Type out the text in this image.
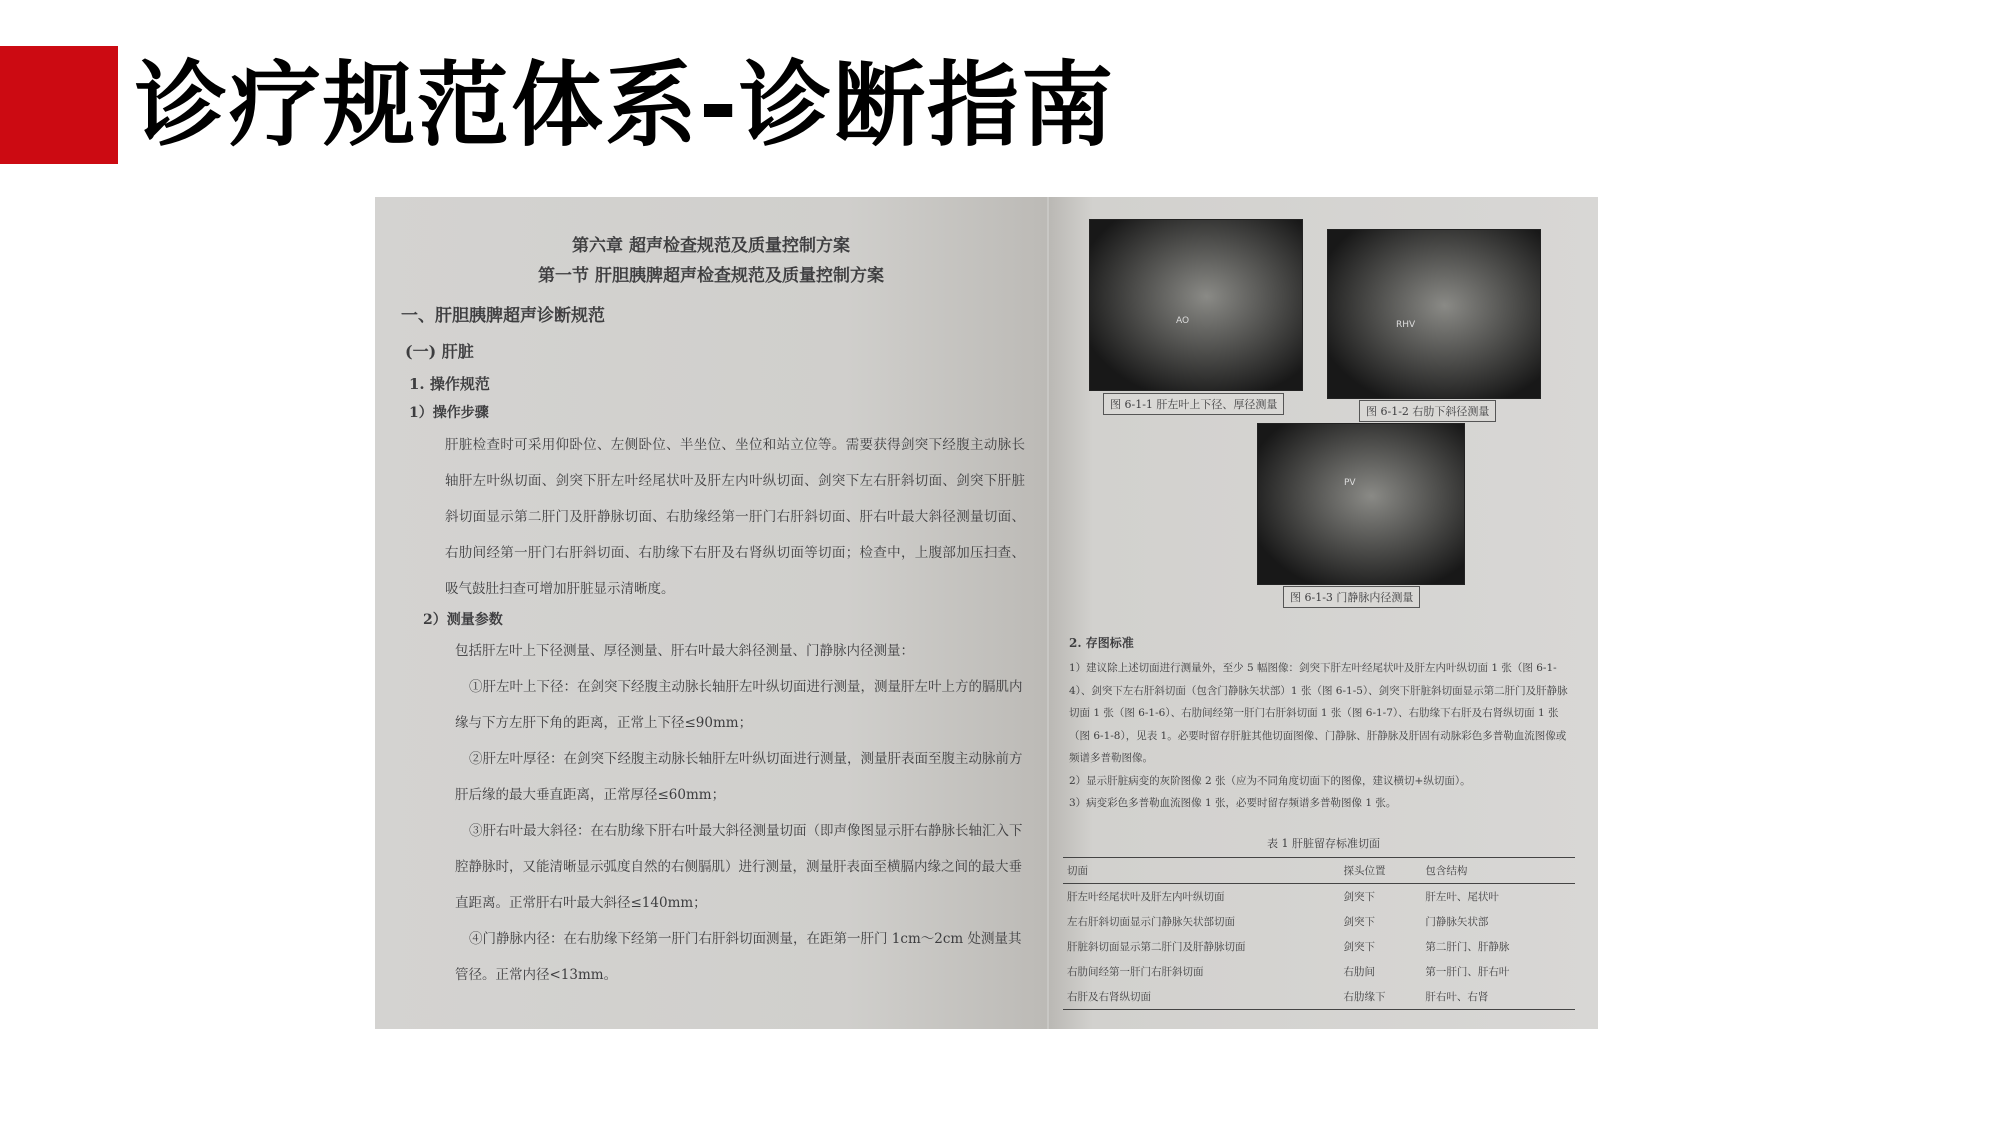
诊疗规范体系-诊断指南

第六章 超声检查规范及质量控制方案

第一节 肝胆胰脾超声检查规范及质量控制方案

一、肝胆胰脾超声诊断规范

(一) 肝脏

1. 操作规范

1）操作步骤

肝脏检查时可采用仰卧位、左侧卧位、半坐位、坐位和站立位等。需要获得剑突下经腹主动脉长轴肝左叶纵切面、剑突下肝左叶经尾状叶及肝左内叶纵切面、剑突下左右肝斜切面、剑突下肝脏斜切面显示第二肝门及肝静脉切面、右肋缘经第一肝门右肝斜切面、肝右叶最大斜径测量切面、右肋间经第一肝门右肝斜切面、右肋缘下右肝及右肾纵切面等切面；检查中，上腹部加压扫查、吸气鼓肚扫查可增加肝脏显示清晰度。

2）测量参数

包括肝左叶上下径测量、厚径测量、肝右叶最大斜径测量、门静脉内径测量：

①肝左叶上下径：在剑突下经腹主动脉长轴肝左叶纵切面进行测量，测量肝左叶上方的膈肌内缘与下方左肝下角的距离，正常上下径≤90mm；

②肝左叶厚径：在剑突下经腹主动脉长轴肝左叶纵切面进行测量，测量肝表面至腹主动脉前方肝后缘的最大垂直距离，正常厚径≤60mm；

③肝右叶最大斜径：在右肋缘下肝右叶最大斜径测量切面（即声像图显示肝右静脉长轴汇入下腔静脉时，又能清晰显示弧度自然的右侧膈肌）进行测量，测量肝表面至横膈内缘之间的最大垂直距离。正常肝右叶最大斜径≤140mm；

④门静脉内径：在右肋缘下经第一肝门右肝斜切面测量，在距第一肝门 1cm～2cm 处测量其管径。正常内径<13mm。

AO	RHV
PV
图 6-1-1 肝左叶上下径、厚径测量
图 6-1-2 右肋下斜径测量
图 6-1-3 门静脉内径测量

2. 存图标准

1）建议除上述切面进行测量外，至少 5 幅图像：剑突下肝左叶经尾状叶及肝左内叶纵切面 1 张（图 6-1-4）、剑突下左右肝斜切面（包含门静脉矢状部）1 张（图 6-1-5）、剑突下肝脏斜切面显示第二肝门及肝静脉切面 1 张（图 6-1-6）、右肋间经第一肝门右肝斜切面 1 张（图 6-1-7）、右肋缘下右肝及右肾纵切面 1 张（图 6-1-8），见表 1。必要时留存肝脏其他切面图像、门静脉、肝静脉及肝固有动脉彩色多普勒血流图像或频谱多普勒图像。

2）显示肝脏病变的灰阶图像 2 张（应为不同角度切面下的图像，建议横切+纵切面）。

3）病变彩色多普勒血流图像 1 张，必要时留存频谱多普勒图像 1 张。

表 1 肝脏留存标准切面

切面	探头位置	包含结构
肝左叶经尾状叶及肝左内叶纵切面	剑突下	肝左叶、尾状叶
左右肝斜切面显示门静脉矢状部切面	剑突下	门静脉矢状部
肝脏斜切面显示第二肝门及肝静脉切面	剑突下	第二肝门、肝静脉
右肋间经第一肝门右肝斜切面	右肋间	第一肝门、肝右叶
右肝及右肾纵切面	右肋缘下	肝右叶、右肾
